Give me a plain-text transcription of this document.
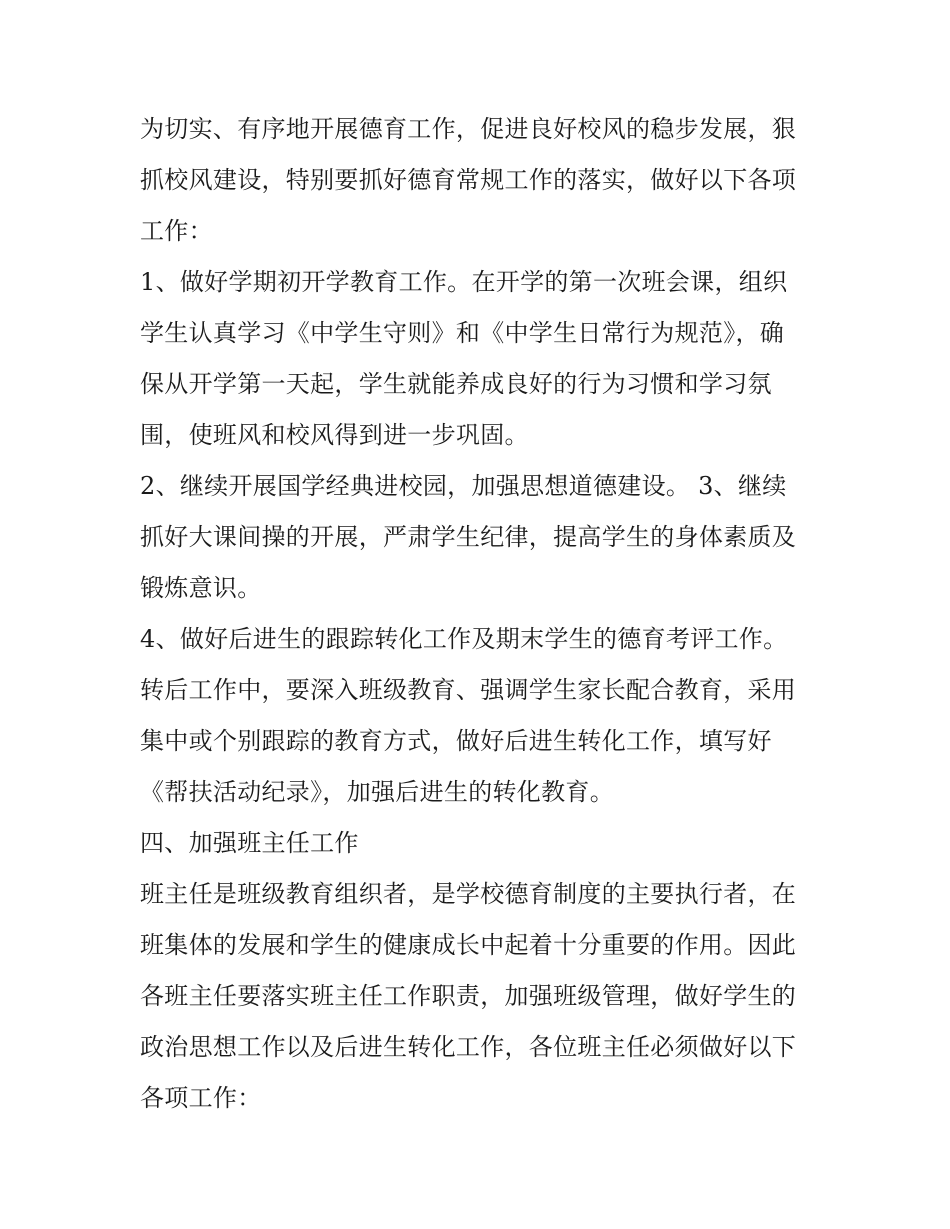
为切实、有序地开展德育工作，促进良好校风的稳步发展，狠
抓校风建设，特别要抓好德育常规工作的落实，做好以下各项
工作：
1、做好学期初开学教育工作。在开学的第一次班会课，组织
学生认真学习《中学生守则》和《中学生日常行为规范》，确
保从开学第一天起，学生就能养成良好的行为习惯和学习氛
围，使班风和校风得到进一步巩固。
2、继续开展国学经典进校园，加强思想道德建设。 3、继续
抓好大课间操的开展，严肃学生纪律，提高学生的身体素质及
锻炼意识。
4、做好后进生的跟踪转化工作及期末学生的德育考评工作。
转后工作中，要深入班级教育、强调学生家长配合教育，采用
集中或个别跟踪的教育方式，做好后进生转化工作，填写好
《帮扶活动纪录》，加强后进生的转化教育。
四、加强班主任工作
班主任是班级教育组织者，是学校德育制度的主要执行者，在
班集体的发展和学生的健康成长中起着十分重要的作用。因此
各班主任要落实班主任工作职责，加强班级管理，做好学生的
政治思想工作以及后进生转化工作，各位班主任必须做好以下
各项工作：
